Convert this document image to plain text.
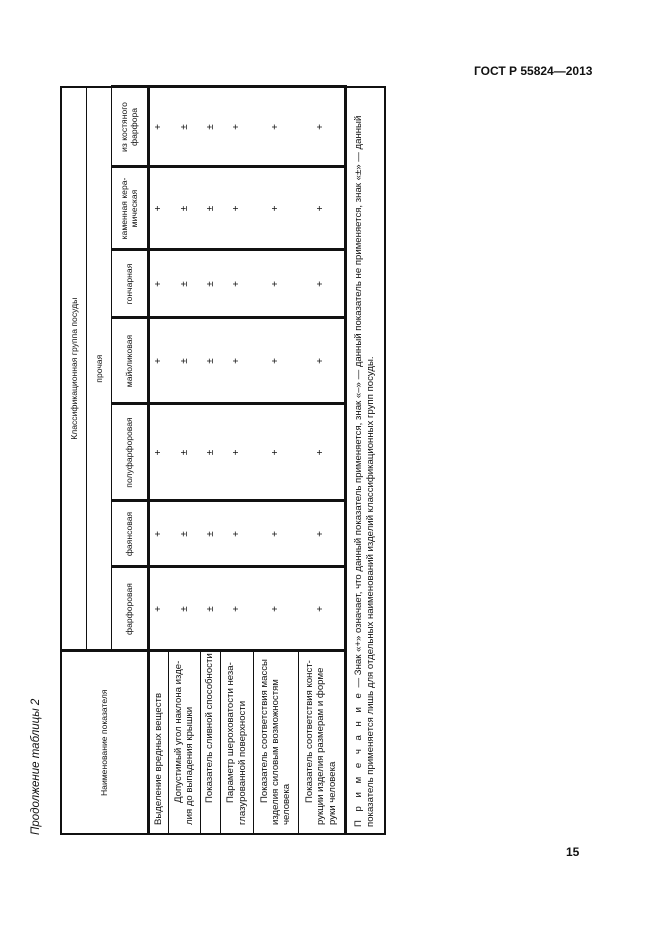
ГОСТ Р 55824—2013
Продолжение таблицы 2	Наименование показателя	Классификационная группа посуды						
	прочая						
	фарфоровая	фаянсовая	полуфарфоровая	майоликовая	гончарная	каменная кера-мическая	из костяного фарфора

Выделение вредных веществ	+	+	+	+	+	+	+

Допустимый угол наклона изде- лия до выпадения крышки	±	±	±	±	±	±	±

Показатель сливной способности	±	±	±	±	±	±	±

Параметр шероховатости неза- глазурованной поверхности	+	+	+	+	+	+	+

Показатель соответствия массы изделия силовым возможностям человека	+	+	+	+	+	+	+

Показатель соответствия конст- рукции изделия размерам и форме руки человека	+	+	+	+	+	+	+
П р и м е ч а н и е — Знак «+» означает, что данный показатель применяется, знак «–» — данный показатель не применяется, знак «±» — данный
показатель применяется лишь для отдельных наименований изделий классификационных групп посуды.							
15
